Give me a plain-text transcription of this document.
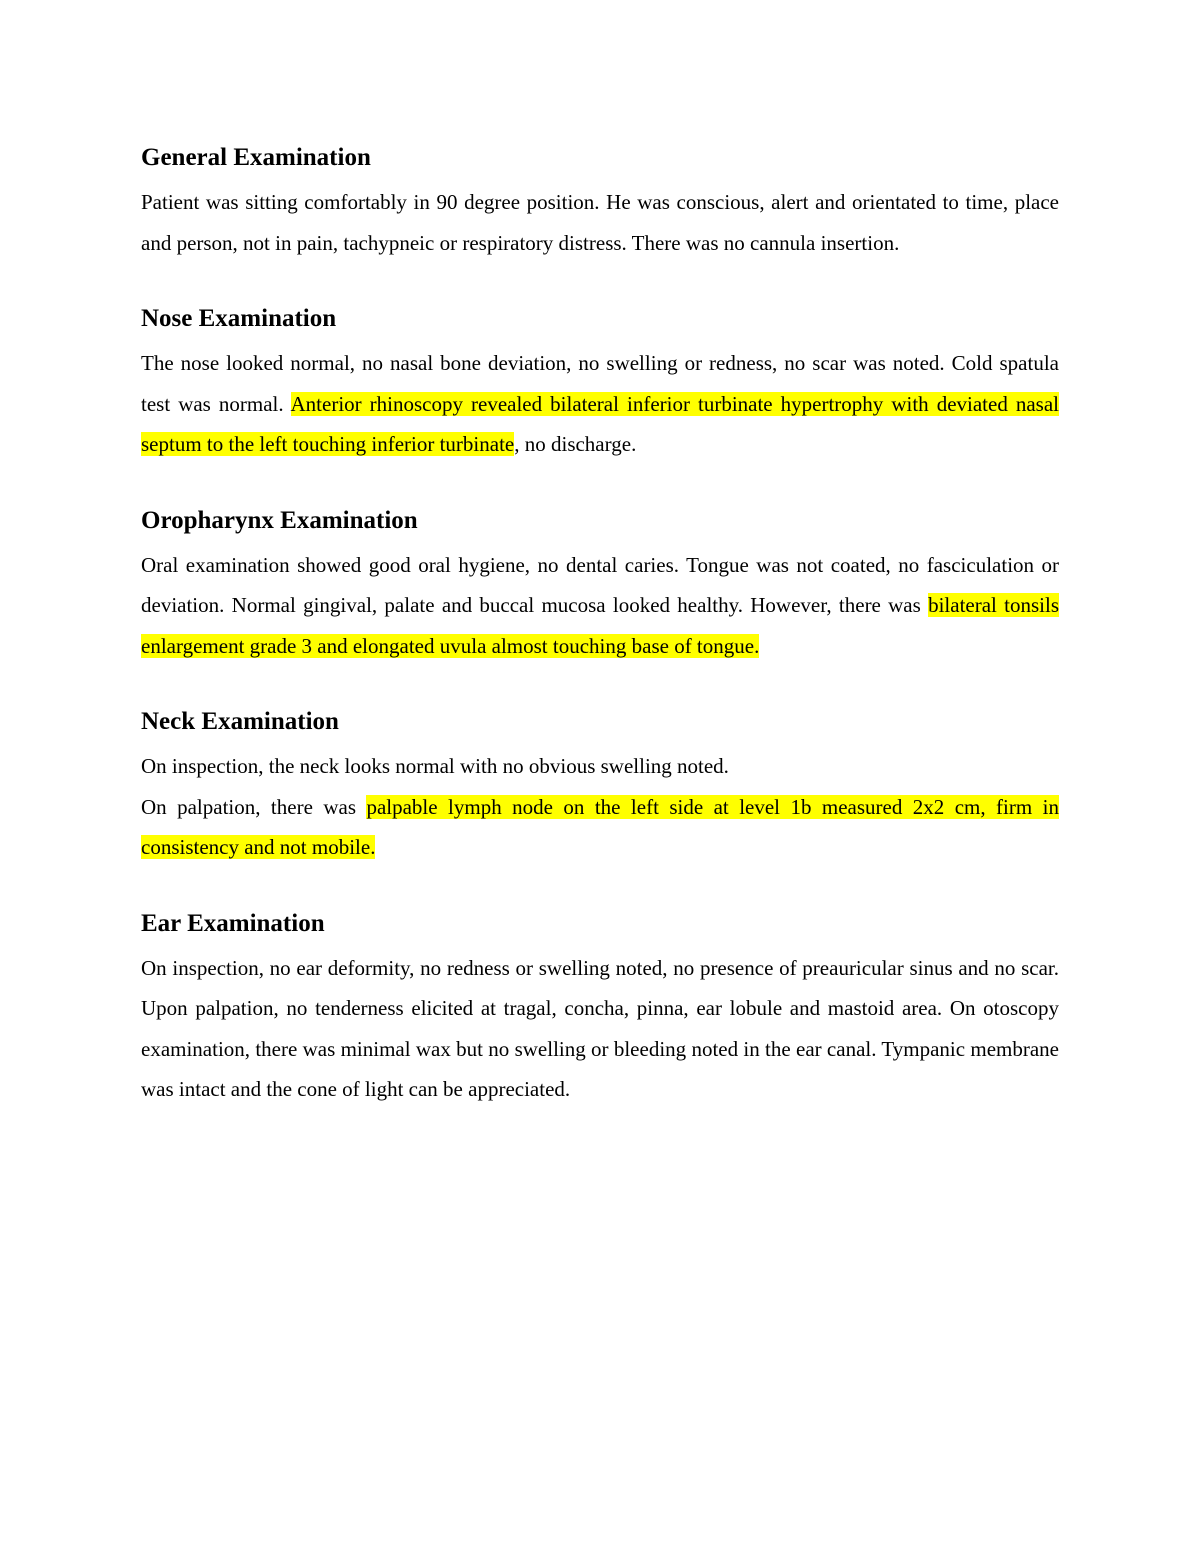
General Examination

Patient was sitting comfortably in 90 degree position. He was conscious, alert and orientated to time, place and person, not in pain, tachypneic or respiratory distress. There was no cannula insertion.

Nose Examination

The nose looked normal, no nasal bone deviation, no swelling or redness, no scar was noted. Cold spatula test was normal. Anterior rhinoscopy revealed bilateral inferior turbinate hypertrophy with deviated nasal septum to the left touching inferior turbinate, no discharge.

Oropharynx Examination

Oral examination showed good oral hygiene, no dental caries. Tongue was not coated, no fasciculation or deviation. Normal gingival, palate and buccal mucosa looked healthy. However, there was bilateral tonsils enlargement grade 3 and elongated uvula almost touching base of tongue.

Neck Examination

On inspection, the neck looks normal with no obvious swelling noted.

On palpation, there was palpable lymph node on the left side at level 1b measured 2x2 cm, firm in consistency and not mobile.

Ear Examination

On inspection, no ear deformity, no redness or swelling noted, no presence of preauricular sinus and no scar. Upon palpation, no tenderness elicited at tragal, concha, pinna, ear lobule and mastoid area. On otoscopy examination, there was minimal wax but no swelling or bleeding noted in the ear canal. Tympanic membrane was intact and the cone of light can be appreciated.
